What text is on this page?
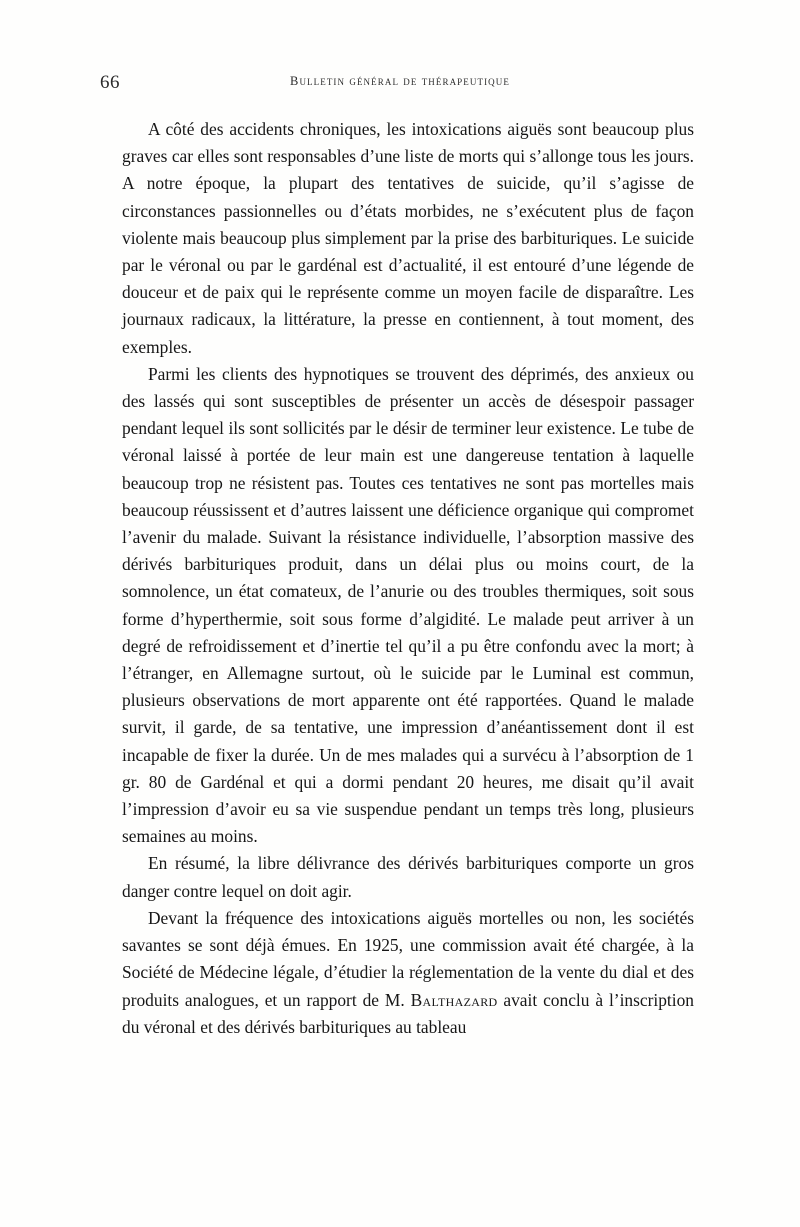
66	bulletin général de thérapeutique

A côté des accidents chroniques, les intoxications aiguës sont beaucoup plus graves car elles sont responsables d’une liste de morts qui s’allonge tous les jours. A notre époque, la plupart des tentatives de suicide, qu’il s’agisse de circonstances passionnelles ou d’états morbides, ne s’exécutent plus de façon violente mais beaucoup plus simplement par la prise des barbituriques. Le suicide par le véronal ou par le gardénal est d’actualité, il est entouré d’une légende de douceur et de paix qui le représente comme un moyen facile de disparaître. Les journaux radicaux, la littérature, la presse en contiennent, à tout moment, des exemples.

Parmi les clients des hypnotiques se trouvent des déprimés, des anxieux ou des lassés qui sont susceptibles de présenter un accès de désespoir passager pendant lequel ils sont sollicités par le désir de terminer leur existence. Le tube de véronal laissé à portée de leur main est une dangereuse tentation à laquelle beaucoup trop ne résistent pas. Toutes ces tentatives ne sont pas mortelles mais beaucoup réussissent et d’autres laissent une déficience organique qui compromet l’avenir du malade. Suivant la résistance individuelle, l’absorption massive des dérivés barbituriques produit, dans un délai plus ou moins court, de la somnolence, un état comateux, de l’anurie ou des troubles thermiques, soit sous forme d’hyperthermie, soit sous forme d’algidité. Le malade peut arriver à un degré de refroidissement et d’inertie tel qu’il a pu être confondu avec la mort; à l’étranger, en Allemagne surtout, où le suicide par le Luminal est commun, plusieurs observations de mort apparente ont été rapportées. Quand le malade survit, il garde, de sa tentative, une impression d’anéantissement dont il est incapable de fixer la durée. Un de mes malades qui a survécu à l’absorption de 1 gr. 80 de Gardénal et qui a dormi pendant 20 heures, me disait qu’il avait l’impression d’avoir eu sa vie suspendue pendant un temps très long, plusieurs semaines au moins.

En résumé, la libre délivrance des dérivés barbituriques comporte un gros danger contre lequel on doit agir.

Devant la fréquence des intoxications aiguës mortelles ou non, les sociétés savantes se sont déjà émues. En 1925, une commission avait été chargée, à la Société de Médecine légale, d’étudier la réglementation de la vente du dial et des produits analogues, et un rapport de M. Balthazard avait conclu à l’inscription du véronal et des dérivés barbituriques au tableau
